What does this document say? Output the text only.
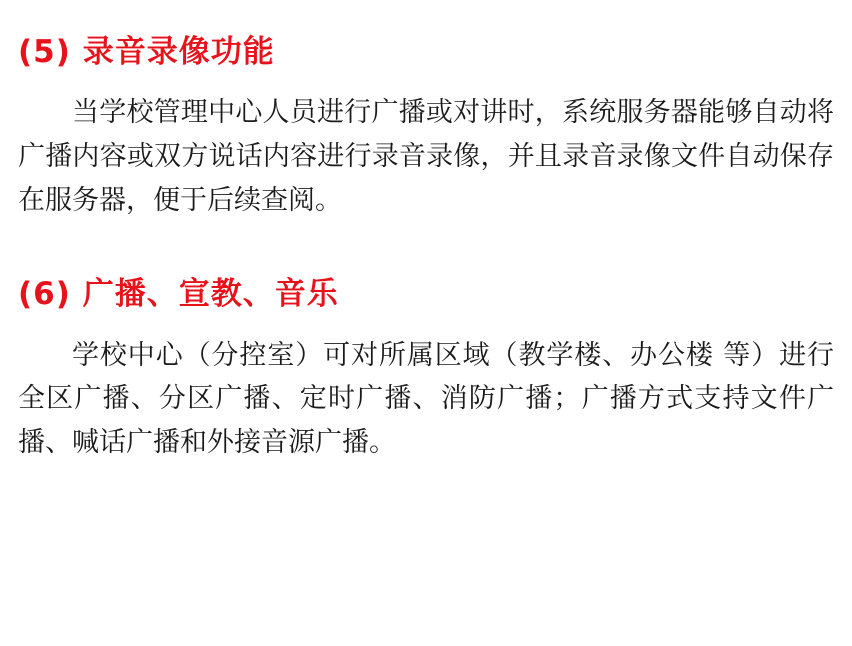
(5) 录音录像功能
当学校管理中心人员进行广播或对讲时，系统服务器能够自动将广播内容或双方说话内容进行录音录像，并且录音录像文件自动保存在服务器，便于后续查阅。
(6) 广播、宣教、音乐
学校中心（分控室）可对所属区域（教学楼、办公楼 等）进行全区广播、分区广播、定时广播、消防广播；广播方式支持文件广播、喊话广播和外接音源广播。
